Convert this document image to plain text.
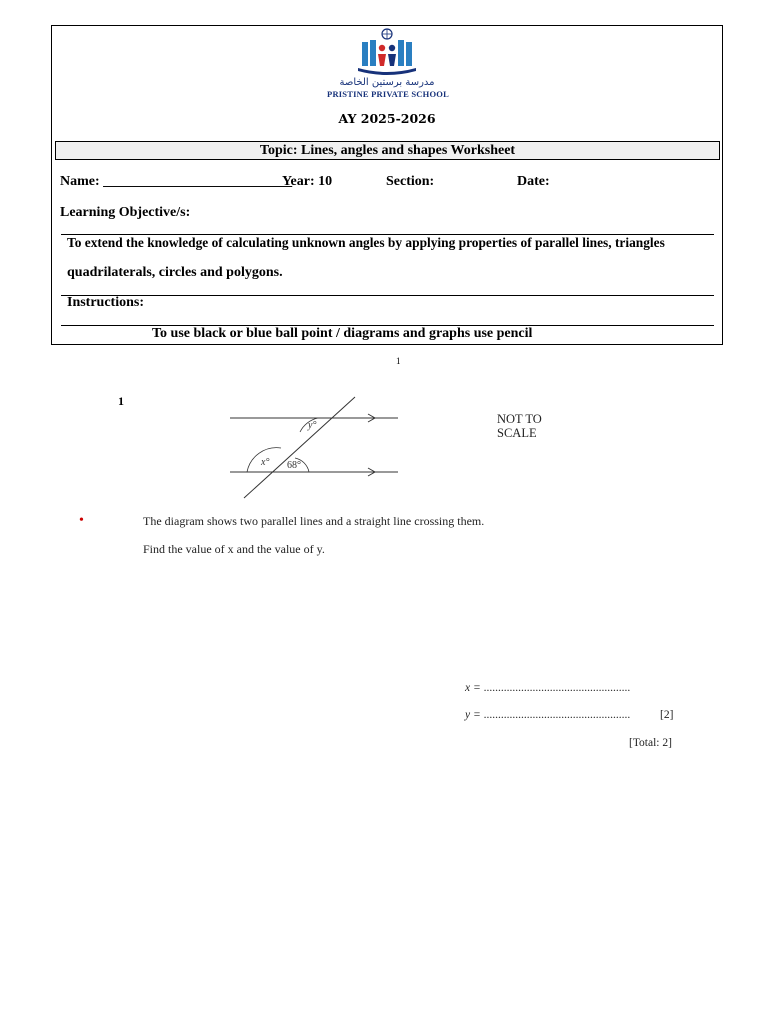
مدرسة برستين الخاصة
PRISTINE PRIVATE SCHOOL
AY 2025-2026
Topic: Lines, angles and shapes Worksheet
Name: ___________________________
Year: 10	Section:	Date:
Learning Objective/s:
To extend the knowledge of calculating unknown angles by applying properties of parallel lines, triangles
quadrilaterals, circles and polygons.
Instructions:
To use black or blue ball point / diagrams and graphs use pencil
1
1
y°
x° 68°
NOT TO
SCALE
•	The diagram shows two parallel lines and a straight line crossing them.
Find the value of x and the value of y.
x = ...................................................
y = ...................................................	[2]
[Total: 2]
